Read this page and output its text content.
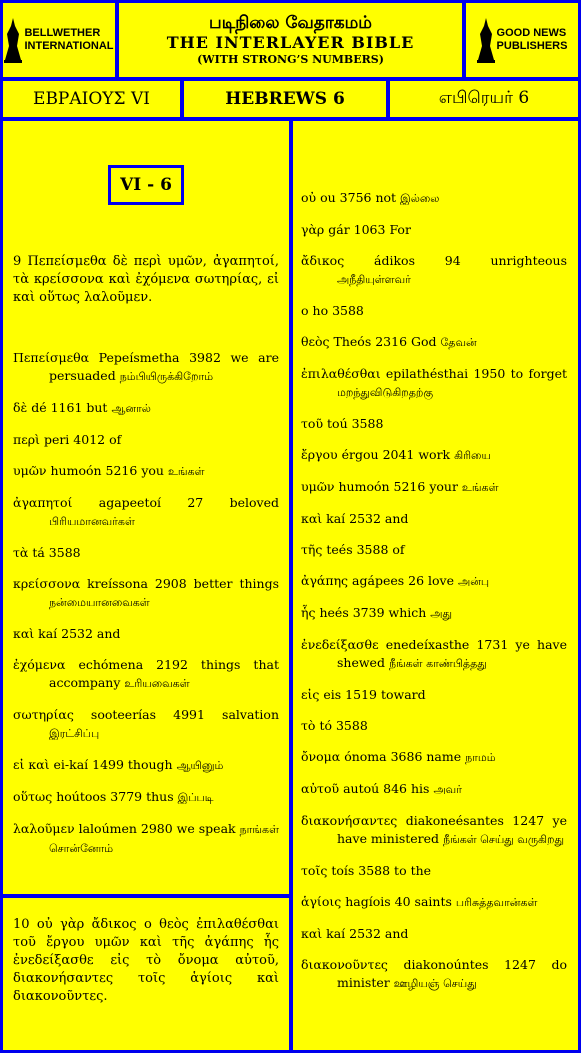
BELLWETHER
INTERNATIONAL
படிநிலை வேதாகமம்
THE INTERLAYER BIBLE
(WITH STRONG’S NUMBERS)
GOOD NEWS
PUBLISHERS
ΕΒΡΑΙΟΥΣ VI	HEBREWS 6	எபிரெயர் 6
VI - 6

9 Πεπείσμεθα δὲ περὶ υμῶν, ἀγαπητοί, τὰ κρείσσονα καὶ ἐχόμενα σωτηρίας, εἰ καὶ οὕτως λαλοῦμεν.

Πεπείσμεθα Pepeísmetha 3982 we are persuaded நம்பியிருக்கிறோம்

δὲ dé 1161 but ஆனால்

περὶ peri 4012 of

υμῶν humoón 5216 you உங்கள்

ἀγαπητοί agapeetoí 27 beloved பிரியமானவர்கள்

τὰ tá 3588

κρείσσονα kreíssona 2908 better things நன்மையானவைகள்

καὶ kaí 2532 and

ἐχόμενα echómena 2192 things that accompany உரியவைகள்

σωτηρίας sooteerías 4991 salvation இரட்சிப்பு

εἰ καὶ ei-kaí 1499 though ஆயினும்

οὕτως hoútoos 3779 thus இப்படி

λαλοῦμεν laloúmen 2980 we speak நாங்கள் சொன்னோம்

10 οὐ γὰρ ἄδικος ο θεὸς ἐπιλαθέσθαι τοῦ ἔργου υμῶν καὶ τῆς ἀγάπης ἧς ἐνεδείξασθε εἰς τὸ ὄνομα αὐτοῦ, διακονήσαντες τοῖς ἁγίοις καὶ διακονοῦντες.

οὐ ou 3756 not இல்லை

γὰρ gár 1063 For

ἄδικος ádikos 94 unrighteous அநீதியுள்ளவர்

ο ho 3588

θεὸς Theós 2316 God தேவன்

ἐπιλαθέσθαι epilathésthai 1950 to forget மறந்துவிடுகிறதற்கு

τοῦ toú 3588

ἔργου érgou 2041 work கிரியை

υμῶν humoón 5216 your உங்கள்

καὶ kaí 2532 and

τῆς teés 3588 of

ἀγάπης agápees 26 love அன்பு

ἧς heés 3739 which அது

ἐνεδείξασθε enedeíxasthe 1731 ye have shewed நீங்கள் காண்பித்தது

εἰς eis 1519 toward

τὸ tó 3588

ὄνομα ónoma 3686 name நாமம்

αὐτοῦ autoú 846 his அவர்

διακονήσαντες diakoneésantes 1247 ye have ministered நீங்கள் செய்து வருகிறது

τοῖς toís 3588 to the

ἁγίοις hagíois 40 saints பரிசுத்தவான்கள்

καὶ kaí 2532 and

διακονοῦντες diakonoúntes 1247 do minister ஊழியஞ் செய்து
